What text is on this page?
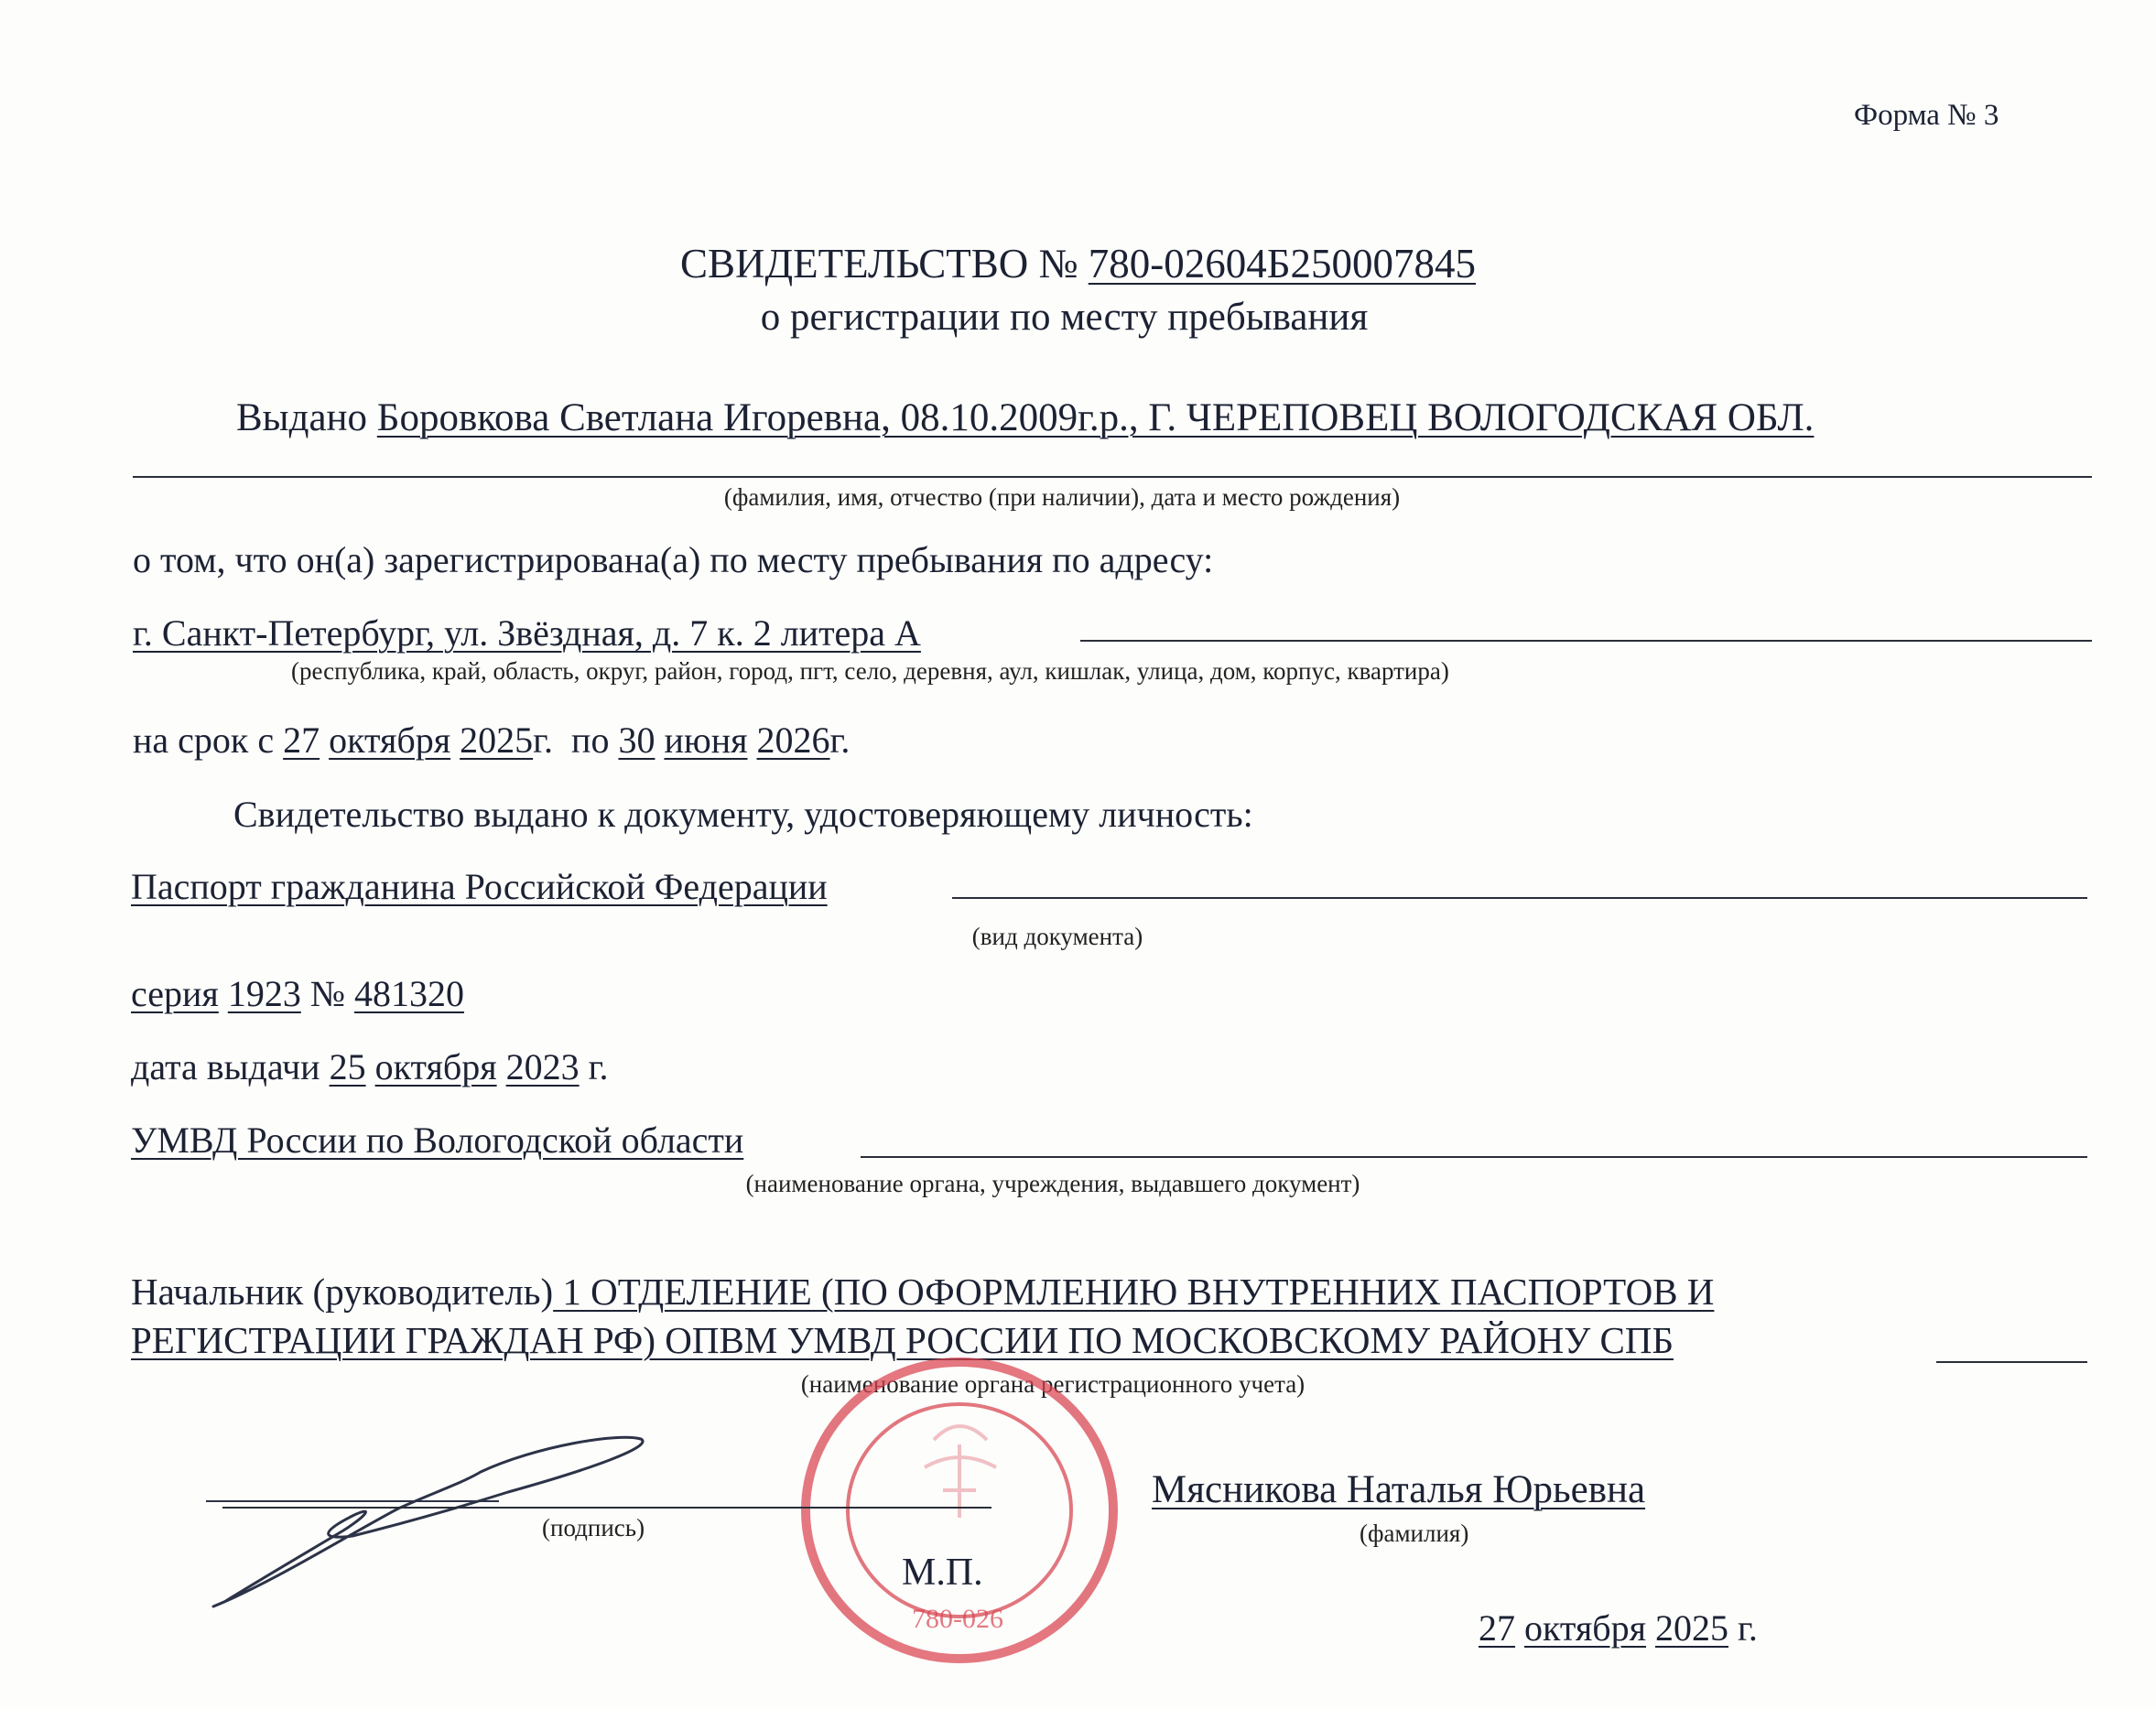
Форма № 3
СВИДЕТЕЛЬСТВО № 780-02604Б250007845
о регистрации по месту пребывания
Выдано Боровкова Светлана Игоревна, 08.10.2009г.р., Г. ЧЕРЕПОВЕЦ ВОЛОГОДСКАЯ ОБЛ.
(фамилия, имя, отчество (при наличии), дата и место рождения)
о том, что он(а) зарегистрирована(а) по месту пребывания по адресу:
г. Санкт-Петербург, ул. Звёздная, д. 7 к. 2 литера А
(республика, край, область, округ, район, город, пгт, село, деревня, аул, кишлак, улица, дом, корпус, квартира)
на срок с 27 октября 2025г. по 30 июня 2026г.
Свидетельство выдано к документу, удостоверяющему личность:
Паспорт гражданина Российской Федерации
(вид документа)
серия 1923 № 481320
дата выдачи 25 октября 2023 г.
УМВД России по Вологодской области
(наименование органа, учреждения, выдавшего документ)
Начальник (руководитель) 1 ОТДЕЛЕНИЕ (ПО ОФОРМЛЕНИЮ ВНУТРЕННИХ ПАСПОРТОВ И
РЕГИСТРАЦИИ ГРАЖДАН РФ) ОПВМ УМВД РОССИИ ПО МОСКОВСКОМУ РАЙОНУ СПБ
(наименование органа регистрационного учета)
780-026
(подпись)
М.П.
Мясникова Наталья Юрьевна
(фамилия)
27 октября 2025 г.
